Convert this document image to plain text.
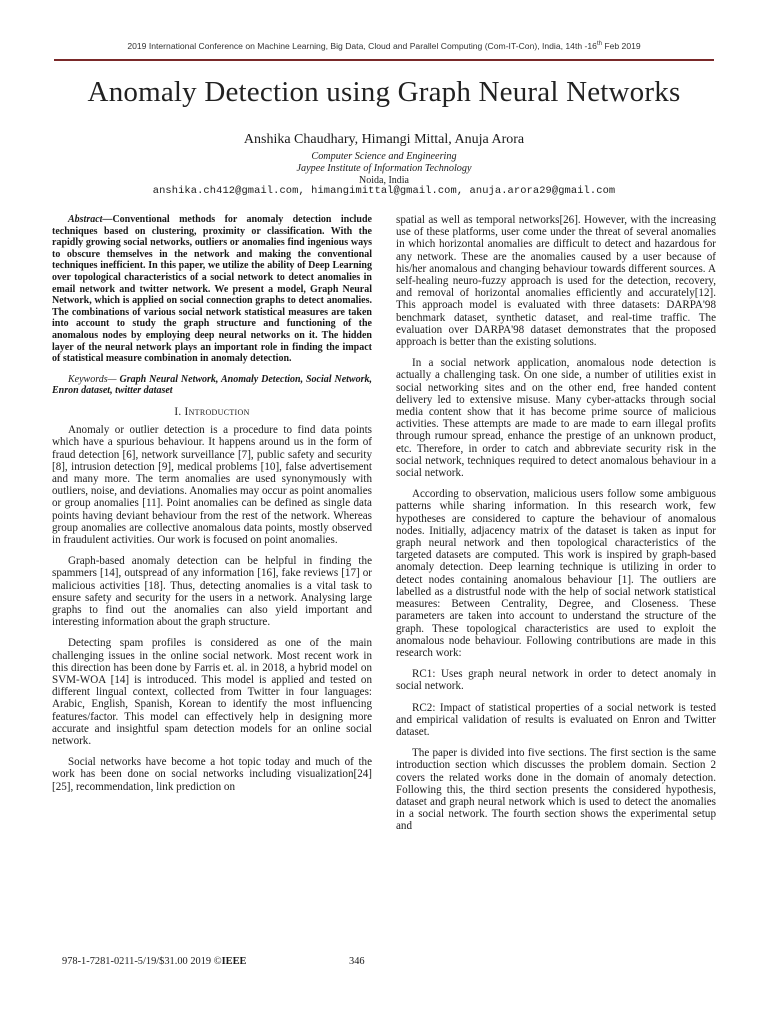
2019 International Conference on Machine Learning, Big Data, Cloud and Parallel Computing (Com-IT-Con), India, 14th -16th Feb 2019
Anomaly Detection using Graph Neural Networks
Anshika Chaudhary, Himangi Mittal, Anuja Arora
Computer Science and Engineering
Jaypee Institute of Information Technology
Noida, India
anshika.ch412@gmail.com, himangimittal@gmail.com, anuja.arora29@gmail.com

Abstract—Conventional methods for anomaly detection include techniques based on clustering, proximity or classification. With the rapidly growing social networks, outliers or anomalies find ingenious ways to obscure themselves in the network and making the conventional techniques inefficient. In this paper, we utilize the ability of Deep Learning over topological characteristics of a social network to detect anomalies in email network and twitter network. We present a model, Graph Neural Network, which is applied on social connection graphs to detect anomalies. The combinations of various social network statistical measures are taken into account to study the graph structure and functioning of the anomalous nodes by employing deep neural networks on it. The hidden layer of the neural network plays an important role in finding the impact of statistical measure combination in anomaly detection.

Keywords— Graph Neural Network, Anomaly Detection, Social Network, Enron dataset, twitter dataset

I. Introduction

Anomaly or outlier detection is a procedure to find data points which have a spurious behaviour. It happens around us in the form of fraud detection [6], network surveillance [7], public safety and security [8], intrusion detection [9], medical problems [10], false advertisement and many more. The term anomalies are used synonymously with outliers, noise, and deviations. Anomalies may occur as point anomalies or group anomalies [11]. Point anomalies can be defined as single data points having deviant behaviour from the rest of the network. Whereas group anomalies are collective anomalous data points, mostly observed in fraudulent activities. Our work is focused on point anomalies.

Graph-based anomaly detection can be helpful in finding the spammers [14], outspread of any information [16], fake reviews [17] or malicious activities [18]. Thus, detecting anomalies is a vital task to ensure safety and security for the users in a network. Analysing large graphs to find out the anomalies can also yield important and interesting information about the graph structure.

Detecting spam profiles is considered as one of the main challenging issues in the online social network. Most recent work in this direction has been done by Farris et. al. in 2018, a hybrid model on SVM-WOA [14] is introduced. This model is applied and tested on different lingual context, collected from Twitter in four languages: Arabic, English, Spanish, Korean to identify the most influencing features/factor. This model can effectively help in designing more accurate and insightful spam detection models for an online social network.

Social networks have become a hot topic today and much of the work has been done on social networks including visualization[24] [25], recommendation, link prediction on

spatial as well as temporal networks[26]. However, with the increasing use of these platforms, user come under the threat of several anomalies in which horizontal anomalies are difficult to detect and hazardous for any network. These are the anomalies caused by a user because of his/her anomalous and changing behaviour towards different sources. A self-healing neuro-fuzzy approach is used for the detection, recovery, and removal of horizontal anomalies efficiently and accurately[12]. This approach model is evaluated with three datasets: DARPA'98 benchmark dataset, synthetic dataset, and real-time traffic. The evaluation over DARPA'98 dataset demonstrates that the proposed approach is better than the existing solutions.

In a social network application, anomalous node detection is actually a challenging task. On one side, a number of utilities exist in social networking sites and on the other end, free handed content delivery led to extensive misuse. Many cyber-attacks through social media content show that it has become prime source of malicious activities. These attempts are made to are made to earn illegal profits through rumour spread, enhance the prestige of an unknown product, etc. Therefore, in order to catch and abbreviate security risk in the social network, techniques required to detect anomalous behaviour in a social network.

According to observation, malicious users follow some ambiguous patterns while sharing information. In this research work, few hypotheses are considered to capture the behaviour of anomalous nodes. Initially, adjacency matrix of the dataset is taken as input for graph neural network and then topological characteristics of the targeted datasets are computed. This work is inspired by graph-based anomaly detection. Deep learning technique is utilizing in order to detect nodes containing anomalous behaviour [1]. The outliers are labelled as a distrustful node with the help of social network statistical measures: Between Centrality, Degree, and Closeness. These parameters are taken into account to understand the structure of the graph. These topological characteristics are used to exploit the anomalous node behaviour. Following contributions are made in this research work:

RC1: Uses graph neural network in order to detect anomaly in social network.

RC2: Impact of statistical properties of a social network is tested and empirical validation of results is evaluated on Enron and Twitter dataset.

The paper is divided into five sections. The first section is the same introduction section which discusses the problem domain. Section 2 covers the related works done in the domain of anomaly detection. Following this, the third section presents the considered hypothesis, dataset and graph neural network which is used to detect the anomalies in a social network. The fourth section shows the experimental setup and

978-1-7281-0211-5/19/$31.00 2019 ©IEEE	346
